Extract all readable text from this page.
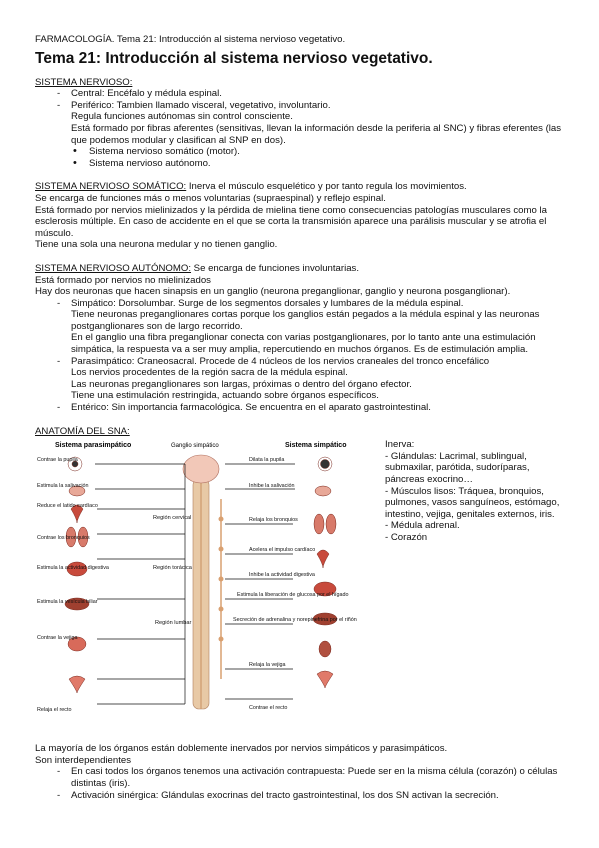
FARMACOLOGÍA. Tema 21: Introducción al sistema nervioso vegetativo.
Tema 21: Introducción al sistema nervioso vegetativo.

SISTEMA NERVIOSO:

- Central: Encéfalo y médula espinal.
- Periférico: Tambien llamado visceral, vegetativo, involuntario.
Regula funciones autónomas sin control consciente.
Está formado por fibras aferentes (sensitivas, llevan la información desde la periferia al SNC) y fibras eferentes (las que podemos modular y clasifican al SNP en dos).
• Sistema nervioso somático (motor).
• Sistema nervioso autónomo.

SISTEMA NERVIOSO SOMÁTICO: Inerva el músculo esquelético y por tanto regula los movimientos.

Se encarga de funciones más o menos voluntarias (supraespinal) y reflejo espinal.

Está formado por nervios mielinizados y la pérdida de mielina tiene como consecuencias patologías musculares como la esclerosis múltiple. En caso de accidente en el que se corta la transmisión aparece una parálisis muscular y se atrofia el músculo.

Tiene una sola una neurona medular y no tienen ganglio.

SISTEMA NERVIOSO AUTÓNOMO: Se encarga de funciones involuntarias.

Está formado por nervios no mielinizados

Hay dos neuronas que hacen sinapsis en un ganglio (neurona preganglionar, ganglio y neurona posganglionar).

- Simpático: Dorsolumbar. Surge de los segmentos dorsales y lumbares de la médula espinal.
Tiene neuronas preganglionares cortas porque los ganglios están pegados a la médula espinal y las neuronas postganglionares son de largo recorrido.
En el ganglio una fibra preganglionar conecta con varias postganglionares, por lo tanto ante una estimulación simpática, la respuesta va a ser muy amplia, repercutiendo en muchos órganos. Es de estimulación amplia.
- Parasimpático: Craneosacral. Procede de 4 núcleos de los nervios craneales del tronco encefálico
Los nervios procedentes de la región sacra de la médula espinal.
Las neuronas preganglionares son largas, próximas o dentro del órgano efector.
Tiene una estimulación restringida, actuando sobre órganos específicos.
- Entérico: Sin importancia farmacológica. Se encuentra en el aparato gastrointestinal.

ANATOMÍA DEL SNA:

Sistema parasimpático	Sistema simpático
Ganglio simpático
Contrae la pupila
Estimula la salivación
Reduce el latido cardíaco
Contrae los bronquios
Estimula la actividad digestiva
Estimula la vesícula biliar
Contrae la vejiga
Relaja el recto
Región cervical
Región torácica
Región lumbar
Dilata la pupila
Inhibe la salivación
Relaja los bronquios
Acelera el impulso cardíaco
Inhibe la actividad digestiva
Estimula la liberación de glucosa por el hígado
Secreción de adrenalina y norepinefrina por el riñón
Relaja la vejiga
Contrae el recto

Inerva:

- Glándulas: Lacrimal, sublingual, submaxilar, parótida, sudoríparas, páncreas exocrino…

- Músculos lisos: Tráquea, bronquios, pulmones, vasos sanguíneos, estómago, intestino, vejiga, genitales externos, iris.

- Médula adrenal.

- Corazón

La mayoría de los órganos están doblemente inervados por nervios simpáticos y parasimpáticos.

Son interdependientes

- En casi todos los órganos tenemos una activación contrapuesta: Puede ser en la misma célula (corazón) o células distintas (iris).
- Activación sinérgica: Glándulas exocrinas del tracto gastrointestinal, los dos SN activan la secreción.
